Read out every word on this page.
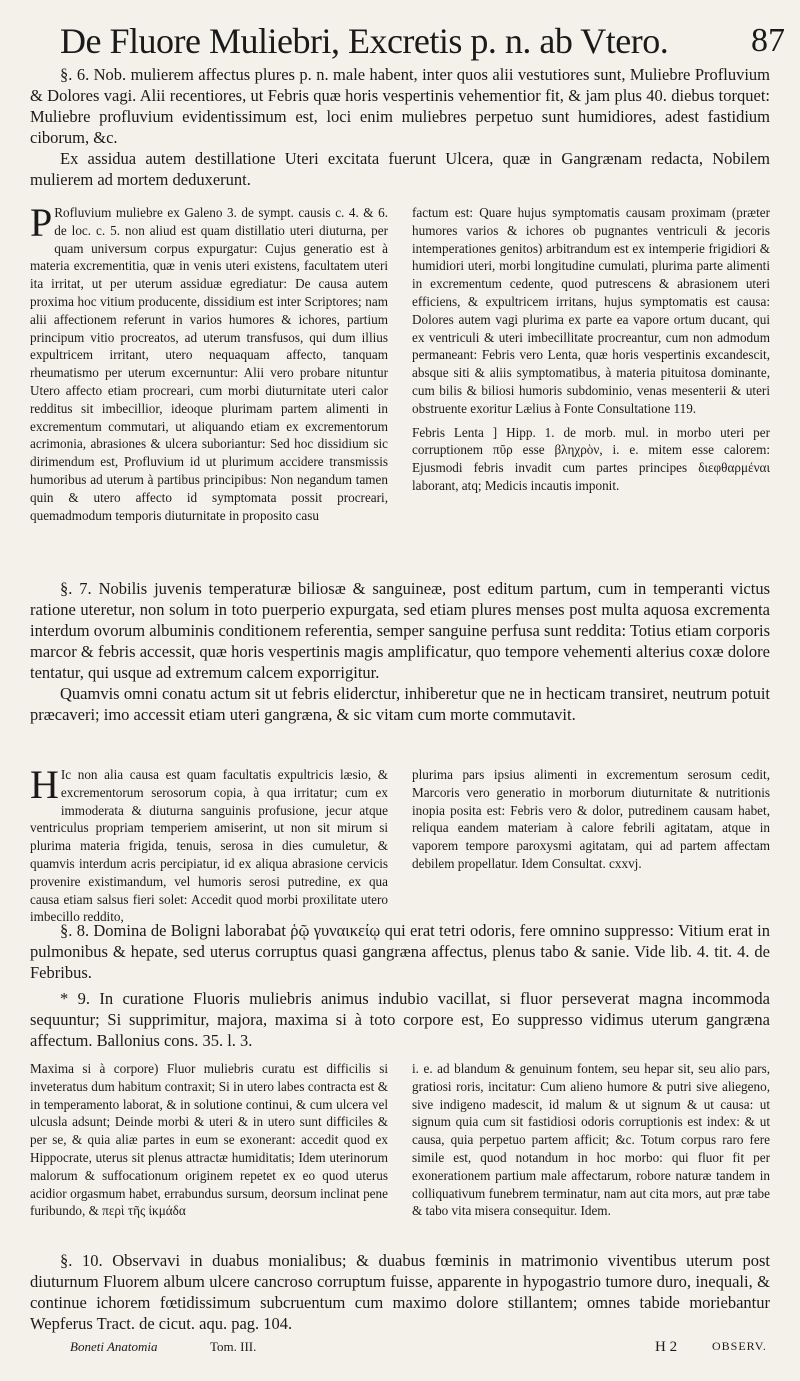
De Fluore Muliebri, Excretis p. n. ab Vtero. 87

§. 6. Nob. mulierem affectus plures p. n. male habent, inter quos alii vestutiores sunt, Muliebre Profluvium & Dolores vagi. Alii recentiores, ut Febris quæ horis vespertinis vehementior fit, & jam plus 40. diebus torquet: Muliebre profluvium evidentissimum est, loci enim muliebres perpetuo sunt humidiores, adest fastidium ciborum, &c.

Ex assidua autem destillatione Uteri excitata fuerunt Ulcera, quæ in Gangrænam redacta, Nobilem mulierem ad mortem deduxerunt.

P Rofluvium muliebre ex Galeno 3. de sympt. causis c. 4. & 6. de loc. c. 5. non aliud est quam distillatio uteri diuturna, per quam universum corpus expurgatur: Cujus generatio est à materia excrementitia, quæ in venis uteri existens, facultatem uteri ita irritat, ut per uterum assiduæ egrediatur: De causa autem proxima hoc vitium producente, dissidium est inter Scriptores; nam alii affectionem referunt in varios humores & ichores, partium principum vitio procreatos, ad uterum transfusos, qui dum illius expultricem irritant, utero nequaquam affecto, tanquam rheumatismo per uterum excernuntur: Alii vero probare nituntur Utero affecto etiam procreari, cum morbi diuturnitate uteri calor redditus sit imbecillior, ideoque plurimam partem alimenti in excrementum commutari, ut aliquando etiam ex excrementorum acrimonia, abrasiones & ulcera suboriantur: Sed hoc dissidium sic dirimendum est, Profluvium id ut plurimum accidere transmissis humoribus ad uterum à partibus principibus: Non negandum tamen quin & utero affecto id symptomata possit procreari, quemadmodum temporis diuturnitate in proposito casu

factum est: Quare hujus symptomatis causam proximam (præter humores varios & ichores ob pugnantes ventriculi & jecoris intemperationes genitos) arbitrandum est ex intemperie frigidiori & humidiori uteri, morbi longitudine cumulati, plurima parte alimenti in excrementum cedente, quod putrescens & abrasionem uteri efficiens, & expultricem irritans, hujus symptomatis est causa: Dolores autem vagi plurima ex parte ea vapore ortum ducant, qui ex ventriculi & uteri imbecillitate procreantur, cum non admodum permaneant: Febris vero Lenta, quæ horis vespertinis excandescit, absque siti & aliis symptomatibus, à materia pituitosa dominante, cum bilis & biliosi humoris subdominio, venas mesenterii & uteri obstruente exoritur Lælius à Fonte Consultatione 119.

Febris Lenta ] Hipp. 1. de morb. mul. in morbo uteri per corruptionem πῦρ esse βληχρὸν, i. e. mitem esse calorem: Ejusmodi febris invadit cum partes principes διεφθαρμέναι laborant, atq; Medicis incautis imponit.

§. 7. Nobilis juvenis temperaturæ biliosæ & sanguineæ, post editum partum, cum in temperanti victus ratione uteretur, non solum in toto puerperio expurgata, sed etiam plures menses post multa aquosa excrementa interdum ovorum albuminis conditionem referentia, semper sanguine perfusa sunt reddita: Totius etiam corporis marcor & febris accessit, quæ horis vespertinis magis amplificatur, quo tempore vehementi alterius coxæ dolore tentatur, qui usque ad extremum calcem exporrigitur.

Quamvis omni conatu actum sit ut febris eliderctur, inhiberetur que ne in hecticam transiret, neutrum potuit præcaveri; imo accessit etiam uteri gangræna, & sic vitam cum morte commutavit.

H Ic non alia causa est quam facultatis expultricis læsio, & excrementorum serosorum copia, à qua irritatur; cum ex immoderata & diuturna sanguinis profusione, jecur atque ventriculus propriam temperiem amiserint, ut non sit mirum si plurima materia frigida, tenuis, serosa in dies cumuletur, & quamvis interdum acris percipiatur, id ex aliqua abrasione cervicis provenire existimandum, vel humoris serosi putredine, ex qua causa etiam salsus fieri solet: Accedit quod morbi proxilitate utero imbecillo reddito,

plurima pars ipsius alimenti in excrementum serosum cedit, Marcoris vero generatio in morborum diuturnitate & nutritionis inopia posita est: Febris vero & dolor, putredinem causam habet, reliqua eandem materiam à calore febrili agitatam, atque in vaporem tempore paroxysmi agitatam, qui ad partem affectam debilem propellatur. Idem Consultat. cxxvj.

§. 8. Domina de Boligni laborabat ῥῷ γυναικείῳ qui erat tetri odoris, fere omnino suppresso: Vitium erat in pulmonibus & hepate, sed uterus corruptus quasi gangræna affectus, plenus tabo & sanie. Vide lib. 4. tit. 4. de Febribus.

* 9. In curatione Fluoris muliebris animus indubio vacillat, si fluor perseverat magna incommoda sequuntur; Si supprimitur, majora, maxima si à toto corpore est, Eo suppresso vidimus uterum gangræna affectum. Ballonius cons. 35. l. 3.

Maxima si à corpore) Fluor muliebris curatu est difficilis si inveteratus dum habitum contraxit; Si in utero labes contracta est & in temperamento laborat, & in solutione continui, & cum ulcera vel ulcusla adsunt; Deinde morbi & uteri & in utero sunt difficiles & per se, & quia aliæ partes in eum se exonerant: accedit quod ex Hippocrate, uterus sit plenus attractæ humiditatis; Idem uterinorum malorum & suffocationum originem repetet ex eo quod uterus acidior orgasmum habet, errabundus sursum, deorsum inclinat pene furibundo, & περὶ τῆς ἰκμάδα

i. e. ad blandum & genuinum fontem, seu hepar sit, seu alio pars, gratiosi roris, incitatur: Cum alieno humore & putri sive aliegeno, sive indigeno madescit, id malum & ut signum & ut causa: ut signum quia cum sit fastidiosi odoris corruptionis est index: & ut causa, quia perpetuo partem afficit; &c. Totum corpus raro fere simile est, quod notandum in hoc morbo: qui fluor fit per exonerationem partium male affectarum, robore naturæ tandem in colliquativum funebrem terminatur, nam aut cita mors, aut præ tabe & tabo vita misera consequitur. Idem.

§. 10. Observavi in duabus monialibus; & duabus fœminis in matrimonio viventibus uterum post diuturnum Fluorem album ulcere cancroso corruptum fuisse, apparente in hypogastrio tumore duro, inequali, & continue ichorem fœtidissimum subcruentum cum maximo dolore stillantem; omnes tabide moriebantur Wepferus Tract. de cicut. aqu. pag. 104.

Boneti Anatomia	Tom. III.	H 2	OBSERV.
